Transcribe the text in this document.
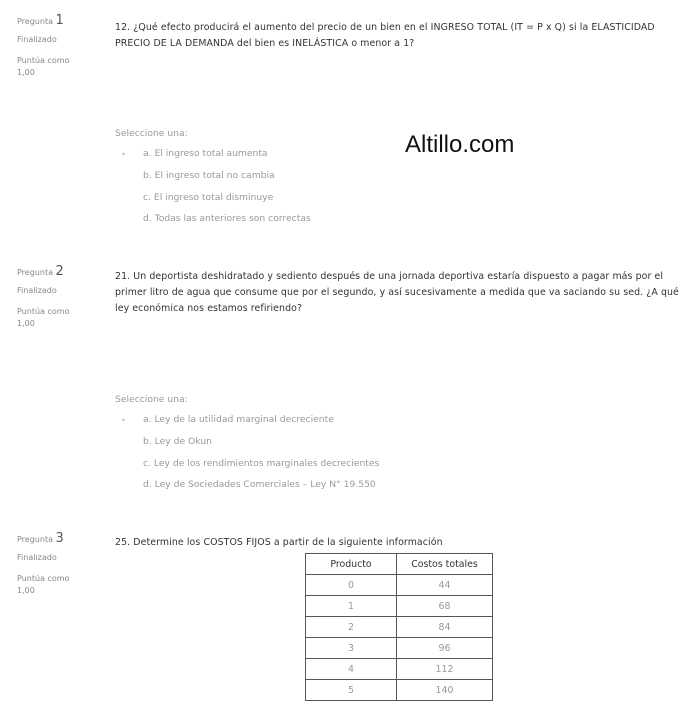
Altillo.com
Pregunta 1
Finalizado
Puntúa como
1,00
12. ¿Qué efecto producirá el aumento del precio de un bien en el INGRESO TOTAL (IT = P x Q) si la ELASTICIDAD PRECIO DE LA DEMANDA del bien es INELÁSTICA o menor a 1?
Seleccione una:
• a. El ingreso total aumenta
b. El ingreso total no cambia
c. El ingreso total disminuye
d. Todas las anteriores son correctas
Pregunta 2
Finalizado
Puntúa como
1,00
21. Un deportista deshidratado y sediento después de una jornada deportiva estaría dispuesto a pagar más por el primer litro de agua que consume que por el segundo, y así sucesivamente a medida que va saciando su sed. ¿A qué ley económica nos estamos refiriendo?
Seleccione una:
• a. Ley de la utilidad marginal decreciente
b. Ley de Okun
c. Ley de los rendimientos marginales decrecientes
d. Ley de Sociedades Comerciales – Ley N° 19.550
Pregunta 3
Finalizado
Puntúa como
1,00
25. Determine los COSTOS FIJOS a partir de la siguiente información
Producto	Costos totales
0	44
1	68
2	84
3	96
4	112
5	140
